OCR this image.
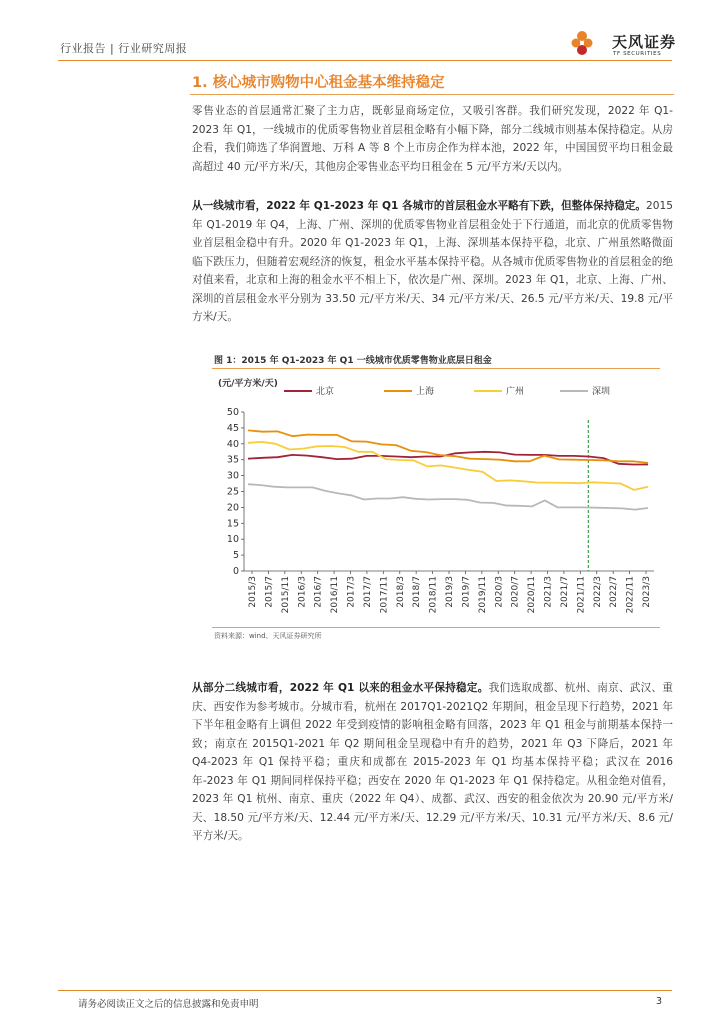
行业报告 | 行业研究周报	天风证券
TF SECURITIES
1. 核心城市购物中心租金基本维持稳定
零售业态的首层通常汇聚了主力店，既彰显商场定位，又吸引客群。我们研究发现，2022 年 Q1-2023 年 Q1，一线城市的优质零售物业首层租金略有小幅下降，部分二线城市则基本保持稳定。从房企看，我们筛选了华润置地、万科 A 等 8 个上市房企作为样本池，2022 年，中国国贸平均日租金最高超过 40 元/平方米/天，其他房企零售业态平均日租金在 5 元/平方米/天以内。
从一线城市看，2022 年 Q1-2023 年 Q1 各城市的首层租金水平略有下跌，但整体保持稳定。2015 年 Q1-2019 年 Q4，上海、广州、深圳的优质零售物业首层租金处于下行通道，而北京的优质零售物业首层租金稳中有升。2020 年 Q1-2023 年 Q1，上海、深圳基本保持平稳，北京、广州虽然略微面临下跌压力，但随着宏观经济的恢复，租金水平基本保持平稳。从各城市优质零售物业的首层租金的绝对值来看，北京和上海的租金水平不相上下，依次是广州、深圳。2023 年 Q1，北京、上海、广州、深圳的首层租金水平分别为 33.50 元/平方米/天、34 元/平方米/天、26.5 元/平方米/天、19.8 元/平方米/天。
图 1：2015 年 Q1-2023 年 Q1 一线城市优质零售物业底层日租金
(元/平方米/天)
北京	上海	广州	深圳
0
5
10
15
20
25
30
35
40
45
50
2015/3 2015/7 2015/11 2016/3 2016/7 2016/11 2017/3 2017/7 2017/11 2018/3 2018/7 2018/11 2019/3 2019/7 2019/11 2020/3 2020/7 2020/11 2021/3 2021/7 2021/11 2022/3 2022/7 2022/11 2023/3
资料来源：wind、天风证券研究所
从部分二线城市看，2022 年 Q1 以来的租金水平保持稳定。我们选取成都、杭州、南京、武汉、重庆、西安作为参考城市。分城市看，杭州在 2017Q1-2021Q2 年期间，租金呈现下行趋势，2021 年下半年租金略有上调但 2022 年受到疫情的影响租金略有回落，2023 年 Q1 租金与前期基本保持一致；南京在 2015Q1-2021 年 Q2 期间租金呈现稳中有升的趋势，2021 年 Q3 下降后，2021 年 Q4-2023 年 Q1 保持平稳；重庆和成都在 2015-2023 年 Q1 均基本保持平稳；武汉在 2016 年-2023 年 Q1 期间同样保持平稳；西安在 2020 年 Q1-2023 年 Q1 保持稳定。从租金绝对值看，2023 年 Q1 杭州、南京、重庆（2022 年 Q4）、成都、武汉、西安的租金依次为 20.90 元/平方米/天、18.50 元/平方米/天、12.44 元/平方米/天、12.29 元/平方米/天、10.31 元/平方米/天、8.6 元/平方米/天。
请务必阅读正文之后的信息披露和免责申明	3
